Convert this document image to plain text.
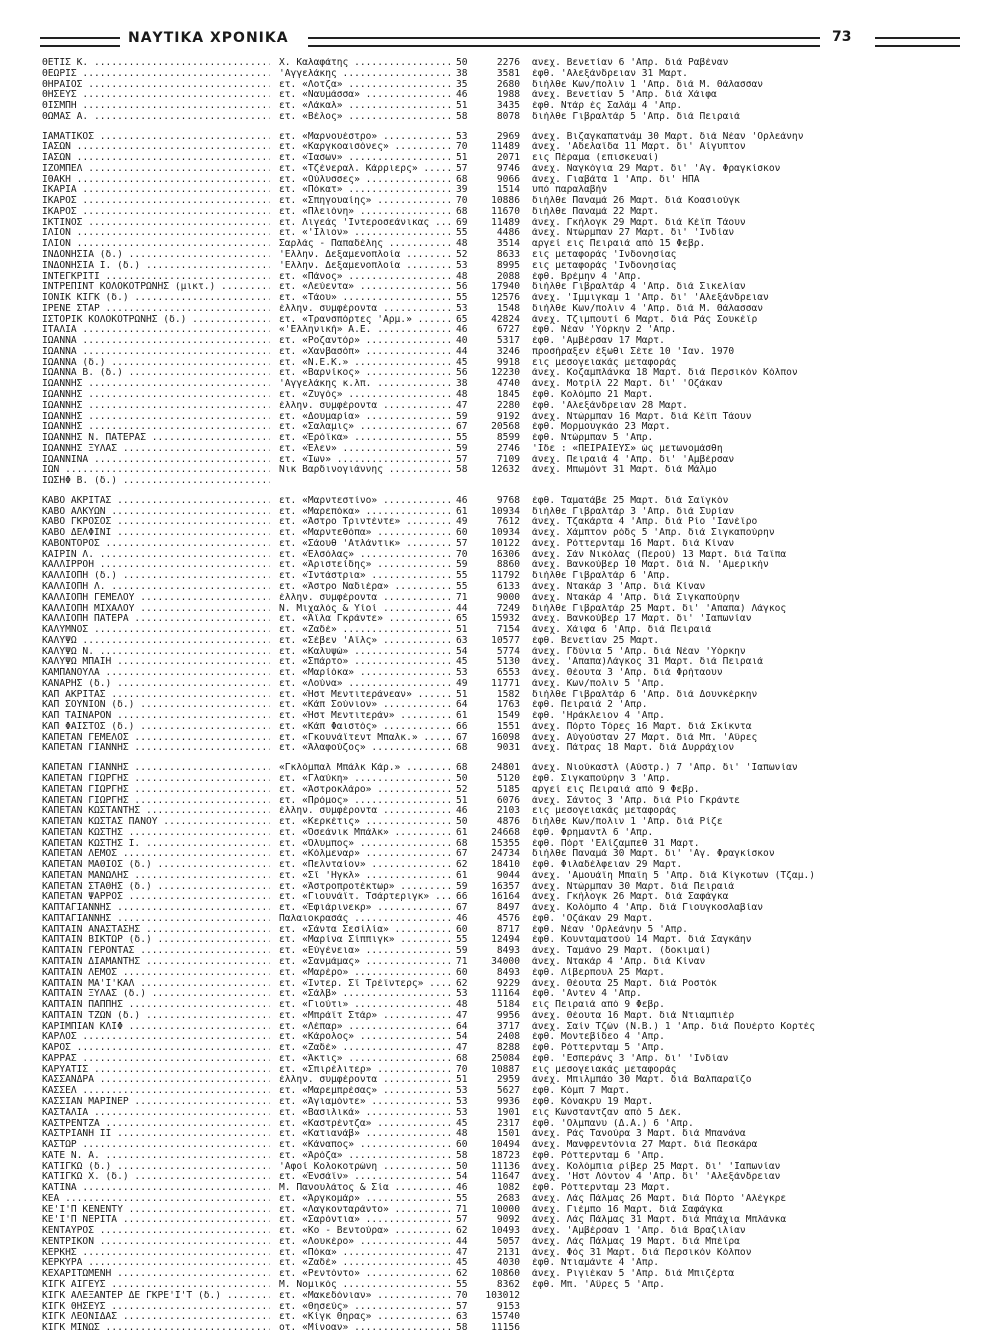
ΝΑΥΤΙΚΑ ΧΡΟΝΙΚΑ	73
ΘΕΤΙΣ Κ. .....	Χ. Καλαφάτης .....	50	2276 ανεχ. Βενετίαν 6 'Απρ. διά Ραβέναν
ΘΕΩΡΙΣ .....	'Αγγελάκης .....	38	3581 έφθ. 'Αλεξάνδρειαν 31 Μαρτ.
ΘΗΡΑΙΟΣ .....	ετ. «Λοτζα» .....	35	2680 διήλθε Κων/πολιν 1 'Απρ. διά Μ. Θάλασσαν
ΘΗΣΕΥΣ .....	ετ. «Ναυμάσσα» .....	46	1988 άνεχ. Βενετίαν 5 'Απρ. διά Χάιφα
ΘΙΣΜΠΗ .....	ετ. «Λάκαλ» .....	51	3435 έφθ. Ντάρ ές Σαλάμ 4 'Απρ.
ΘΩΜΑΣ Α. .....	ετ. «Βέλος» .....	58	8078 διήλθε Γιβραλτάρ 5 'Απρ. διά Πειραιά
ΙΑΜΑΤΙΚΟΣ .....	ετ. «Μαρνουέστρο» .....	53	2969 άνεχ. Βιζαγκαπατνάμ 30 Μαρτ. διά Νέαν 'Ορλεάνην
ΙΑΣΩΝ .....	ετ. «Καργκοαισόνες» .....	70	11489 άνεχ. 'Αδελαΐδα 11 Μαρτ. δι' Αίγυπτον
ΙΑΣΩΝ .....	ετ. «Ίασων» .....	51	2071 εις Πέραμα (επισκευαί)
ΙΖΟΜΠΕΛ .....	ετ. «Τζένεραλ. Κάρριερς» .....	57	9746 άνεχ. Ναγκόγια 29 Μαρτ. δι' 'Αγ. Φραγκίσκον
ΙΘΑΚΗ .....	ετ. «Ούλυσσες» .....	68	9066 άνεχ. Γιαβάτα 1 'Απρ. δι' ΗΠΑ
ΙΚΑΡΙΑ .....	ετ. «Πόκατ» .....	39	1514 υπό παραλαβήν
ΙΚΑΡΟΣ .....	ετ. «Σπηγουαίης» .....	70	10886 διήλθε Παναμά 26 Μαρτ. διά Κοασιούγκ
ΙΚΑΡΟΣ .....	ετ. «Πλειόνη» .....	68	11670 διήλθε Παναμά 22 Μαρτ.
ΙΚΤΙΝΟΣ .....	ετ. Λιγεάς 'Ιντεροσεάνικας .....	69	11489 άνεχ. Γκήλογκ 29 Μαρτ. διά Κέϊπ Τάουν
ΙΛΙΟΝ .....	ετ. «'Ιλιον» .....	55	4486 άνεχ. Ντώρμπαν 27 Μαρτ. δι' 'Ινδίαν
ΙΛΙΟΝ .....	Σαρλάς - Παπαδέλης .....	48	3514 αργεί εις Πειραιά από 15 Φεβρ.
ΙΝΔΟΝΗΣΙΑ (δ.) .....	'Ελλην. Δεξαμενοπλοία .....	52	8633 εις μεταφοράς 'Ινδονησίας
ΙΝΔΟΝΗΣΙΑ Ι. (δ.) .....	'Ελλην. Δεξαμενοπλοία .....	53	8995 εις μεταφοράς 'Ινδονησίας
ΙΝΤΕΓΚΡΙΤΙ .....	ετ. «Πάνος» .....	48	2088 έφθ. Βρέμην 4 'Απρ.
ΙΝΤΡΕΠΙΝΤ ΚΟΛΟΚΟΤΡΩΝΗΣ (μικτ.) .....	ετ. «Λεύεντα» .....	56	17940 διήλθε Γιβραλτάρ 4 'Απρ. διά Σικελίαν
ΙΟΝΙΚ ΚΙΓΚ (δ.) .....	ετ. «Τάου» .....	55	12576 άνεχ. 'Ιμμιγκαμ 1 'Απρ. δι' 'Αλεξάνδρειαν
ΙΡΕΝΕ ΣΤΑΡ .....	έλλην. συμφέροντα .....	53	1548 διήλθε Κων/πολιν 4 'Απρ. διά Μ. Θάλασσαν
ΙΣΤΟΡΙΚ ΚΟΛΟΚΟΤΡΩΝΗΣ (δ.) .....	ετ. «Τρανσπόρτες 'Αρμ.» .....	65	42824 άνεχ. Τζιμπουτί 6 Μαρτ. διά Ράς Σουκέϊρ
ΙΤΑΛΙΑ .....	«'Ελληνική» Α.Ε. .....	46	6727 έφθ. Νέαν 'Υόρκην 2 'Απρ.
ΙΩΑΝΝΑ .....	ετ. «Ροζαντόρ» .....	40	5317 έφθ. 'Αμβέρσαν 17 Μαρτ.
ΙΩΑΝΝΑ .....	ετ. «Χανβασόπ» .....	44	3246 προσήραξεν έξωθι Σέτε 10 'Ιαν. 1970
ΙΩΑΝΝΑ (δ.) .....	ετ. «Ν.Ε.Κ.» .....	45	9918 εις μεσογειακάς μεταφοράς
ΙΩΑΝΝΑ Β. (δ.) .....	ετ. «Βαρνίκος» .....	56	12230 άνεχ. Κοζαμπλάνκα 18 Μαρτ. διά Περσικόν Κόλπον
ΙΩΑΝΝΗΣ .....	'Αγγελάκης κ.λπ. .....	38	4740 άνεχ. Μοτρίλ 22 Μαρτ. δι' 'Οζάκαν
ΙΩΑΝΝΗΣ .....	ετ. «Ζυγός» .....	48	1845 έφθ. Κολόμπο 21 Μαρτ.
ΙΩΑΝΝΗΣ .....	έλλην. συμφέροντα .....	47	2280 έφθ. 'Αλεξάνδρειαν 28 Μαρτ.
ΙΩΑΝΝΗΣ .....	ετ. «Δουμαρία» .....	59	9192 άνεχ. Ντώρμπαν 16 Μαρτ. διά Κέϊπ Τάουν
ΙΩΑΝΝΗΣ .....	ετ. «Σαλαμις» .....	67	20568 έφθ. Μορμουγκάο 23 Μαρτ.
ΙΩΑΝΝΗΣ Ν. ΠΑΤΕΡΑΣ .....	ετ. «Έρόϊκα» .....	55	8599 έφθ. Ντώρμπαν 5 'Απρ.
ΙΩΑΝΝΗΣ ΞΥΛΑΣ .....	ετ. «Έλεν» .....	59	2746 'Ιδε : «ΠΕΙΡΑΙΕΥΣ» ώς μετωνομάσθη
ΙΩΑΝΝΙΝΑ .....	ετ. «Ίων» .....	57	7109 άνεχ. Πειραιά 4 'Απρ. δι' 'Αμβέρσαν
ΙΩΝ .....	Νικ Βαρδινογιάννης .....	58	12632 άνεχ. Μπωμόντ 31 Μαρτ. διά Μάλμο
ΙΩΣΗΦ Β. (δ.) .....
ΚΑΒΟ ΑΚΡΙΤΑΣ .....	ετ. «Μαρντεστίνο» .....	46	9768 έφθ. Ταματάβε 25 Μαρτ. διά Σαϊγκόν
ΚΑΒΟ ΑΛΚΥΩΝ .....	ετ. «Μαρεπόκα» .....	61	10934 διήλθε Γιβραλτάρ 3 'Απρ. διά Συρίαν
ΚΑΒΟ ΓΚΡΟΣΟΣ .....	ετ. «Άστρο Τριντέντε» .....	49	7612 άνεχ. Τζακάρτα 4 'Απρ. διά Ρίο 'Ιανέϊρο
ΚΑΒΟ ΔΕΛΦΙΝΙ .....	ετ. «Μαρντεθόπα» .....	60	10934 άνεχ. Χάμπτον ρόδς 5 'Απρ. διά Σιγκαπούρην
ΚΑΒΟΝΤΟΡΟΣ .....	ετ. «Σάουθ 'Ατλάντικ» .....	57	10122 άνεχ. Ρόττερνταμ 16 Μαρτ. διά Κίναν
ΚΑΙΡΙΝ Λ. .....	ετ. «Έλσόλας» .....	70	16306 άνεχ. Σάν Νικόλας (Περού) 13 Μαρτ. διά Ταϊπα
ΚΑΛΛΙΡΡΟΗ .....	ετ. «Άριστείδης» .....	59	8860 άνεχ. Βανκούβερ 10 Μαρτ. διά Ν. 'Αμερικήν
ΚΑΛΛΙΟΠΗ (δ.) .....	ετ. «Ίντάστρια» .....	55	11792 διήλθε Γιβραλτάρ 6 'Απρ.
ΚΑΛΛΙΟΠΗ Λ. .....	ετ. «Άστρο Ναδιέρα» .....	55	6133 άνεχ. Ντακάρ 3 'Απρ. διά Κίναν
ΚΑΛΛΙΟΠΗ ΓΕΜΕΛΟΥ .....	έλλην. συμφέροντα .....	71	9000 άνεχ. Ντακάρ 4 'Απρ. διά Σιγκαπούρην
ΚΑΛΛΙΟΠΗ ΜΙΧΑΛΟΥ .....	Ν. Μιχαλός & Υίοί .....	44	7249 διήλθε Γιβραλτάρ 25 Μαρτ. δι' 'Απαπα) Λάγκος
ΚΑΛΛΙΟΠΗ ΠΑΤΕΡΑ .....	ετ. «Άϊλα Γκράντε» .....	65	15932 άνεχ. Βανκούβερ 17 Μαρτ. δι' 'Ιαπωνίαν
ΚΑΛΥΜΝΟΣ .....	ετ. «Ζαδέ» .....	51	7154 άνεχ. Χάιφα 6 'Απρ. διά Πειραιά
ΚΑΛΥΨΩ .....	ετ. «Σέβεν 'Αϊλς» .....	63	10577 έφθ. Βενετίαν 25 Μαρτ.
ΚΑΛΥΨΩ Ν. .....	ετ. «Καλυψώ» .....	54	5774 άνεχ. Γδύνια 5 'Απρ. διά Νέαν 'Υόρκην
ΚΑΛΥΨΩ ΜΠΑΙΗ .....	ετ. «Σπάρτο» .....	45	5130 άνεχ. 'Απαπα)Λάγκος 31 Μαρτ. διά Πειραιά
ΚΑΜΠΑΝΟΥΛΑ .....	ετ. «Μαρίόκα» .....	53	6553 άνεχ. Θέουτα 3 'Απρ. διά Φρήταουν
ΚΑΝΑΡΗΣ (δ.) .....	ετ. «Λούνα» .....	49	11771 άνεχ. Κων/πολιν 5 'Απρ.
ΚΑΠ ΑΚΡΙΤΑΣ .....	ετ. «Ήστ Μεντιτεράνεαν» .....	51	1582 διήλθε Γιβραλτάρ 6 'Απρ. διά Δουνκέρκην
ΚΑΠ ΣΟΥΝΙΟΝ (δ.) .....	ετ. «Κάπ Σούνιον» .....	64	1763 έφθ. Πειραιά 2 'Απρ.
ΚΑΠ ΤΑΙΝΑΡΟΝ .....	ετ. «Ήστ Μεντιτεράν» .....	61	1549 έφθ. 'Ηράκλειον 4 'Απρ.
ΚΑΠ ΦΑΙΣΤΟΣ (δ.) .....	ετ. «Κάπ Φαιστός» .....	66	1551 άνεχ. Πόρτο Τόρες 16 Μαρτ. διά Σκίκντα
ΚΑΠΕΤΑΝ ΓΕΜΕΛΟΣ .....	ετ. «Γκουνάϊτεντ Μπαλκ.» .....	67	16098 άνεχ. Αύγούσταν 27 Μαρτ. διά Μπ. 'Αϋρες
ΚΑΠΕΤΑΝ ΓΙΑΝΝΗΣ .....	ετ. «Άλαφούζος» .....	68	9031 άνεχ. Πάτρας 18 Μαρτ. διά Δυρράχιον
ΚΑΠΕΤΑΝ ΓΙΑΝΝΗΣ .....	«Γκλόμπαλ Μπάλκ Κάρ.» .....	68	24801 άνεχ. Νιούκαστλ (Αύστρ.) 7 'Απρ. δι' 'Ιαπωνίαν
ΚΑΠΕΤΑΝ ΓΙΩΡΓΗΣ .....	ετ. «Γλαύκη» .....	50	5120 έφθ. Σιγκαπούρην 3 'Απρ.
ΚΑΠΕΤΑΝ ΓΙΩΡΓΗΣ .....	ετ. «Άστροκλάρο» .....	52	5185 αργεί εις Πειραιά από 9 Φεβρ.
ΚΑΠΕΤΑΝ ΓΙΩΡΓΗΣ .....	ετ. «Πρόμος» .....	51	6076 άνεχ. Σάντος 3 'Απρ. διά Ρίο Γκράντε
ΚΑΠΕΤΑΝ ΚΩΣΤΑΝΤΗΣ .....	έλλην. συμφέροντα .....	46	2103 εις μεσογειακάς μεταφοράς
ΚΑΠΕΤΑΝ ΚΩΣΤΑΣ ΠΑΝΟΥ .....	ετ. «Κερκέτις» .....	50	4876 διήλθε Κων/πολιν 1 'Απρ. διά Ρίζε
ΚΑΠΕΤΑΝ ΚΩΣΤΗΣ .....	ετ. «Όσεάνικ Μπάλκ» .....	61	24668 έφθ. Φρημαντλ 6 'Απρ.
ΚΑΠΕΤΑΝ ΚΩΣΤΗΣ Ι. .....	ετ. «Όλυμπος» .....	68	15355 έφθ. Πόρτ 'Ελίζαμπεθ 31 Μαρτ.
ΚΑΠΕΤΑΝ ΛΕΜΟΣ .....	ετ. «Κόλμεναρ» .....	67	24734 διήλθε Παναμά 30 Μαρτ. δι' 'Αγ. Φραγκίσκον
ΚΑΠΕΤΑΝ ΜΑΘΙΟΣ (δ.) .....	ετ. «Πελνταίον» .....	62	18410 έφθ. Φιλαδέλφειαν 29 Μαρτ.
ΚΑΠΕΤΑΝ ΜΑΝΩΛΗΣ .....	ετ. «Σῖ 'Ηγκλ» .....	61	9044 άνεχ. 'Αμουάϊη Μπαϊη 5 'Απρ. διά Κίγκοτων (Τζαμ.)
ΚΑΠΕΤΑΝ ΣΤΑΘΗΣ (δ.) .....	ετ. «Άστροπροτέκτωρ» .....	59	16357 άνεχ. Ντώρμπαν 30 Μαρτ. διά Πειραιά
ΚΑΠΕΤΑΝ ΨΑΡΡΟΣ .....	ετ. «Γιουνάϊτ. Τσάρτεριγκ» .....	66	16164 άνεχ. Γκήλογκ 26 Μαρτ. διά Σαφάγκα
ΚΑΠΤΑΓΙΑΝΝΗΣ .....	ετ. «Έφιάρινεκρ» .....	67	8497 άνεχ. Κολόμπο 4 'Απρ. διά Γιουγκοσλαβίαν
ΚΑΠΤΑΓΙΑΝΝΗΣ .....	Παλαιοκρασάς .....	46	4576 έφθ. 'Οζάκαν 29 Μαρτ.
ΚΑΠΤΑΙΝ ΑΝΑΣΤΑΣΗΣ .....	ετ. «Σάντα Σεσίλία» .....	60	8717 έφθ. Νέαν 'Ορλεάνην 5 'Απρ.
ΚΑΠΤΑΙΝ ΒΙΚΤΩΡ (δ.) .....	ετ. «Μαρίνα Σίππιγκ» .....	55	12494 έφθ. Κουνταματσού 14 Μαρτ. διά Σαγκάην
ΚΑΠΤΑΙΝ ΓΕΡΟΝΤΑΣ .....	ετ. «Εύγένεια» .....	59	8493 άνεχ. Ταμάνο 29 Μαρτ. (δοκιμαί)
ΚΑΠΤΑΙΝ ΔΙΑΜΑΝΤΗΣ .....	ετ. «Σανμάμας» .....	71	34000 άνεχ. Ντακάρ 4 'Απρ. διά Κίναν
ΚΑΠΤΑΙΝ ΛΕΜΟΣ .....	ετ. «Μαρέρο» .....	60	8493 έφθ. Λίβερπουλ 25 Μαρτ.
ΚΑΠΤΑΙΝ ΜΑ'Ι'ΚΑΛ .....	ετ. «Ίντερ. Σῖ Τρέϊντερς» .....	62	9229 άνεχ. Θέουτα 25 Μαρτ. διά Ροστόκ
ΚΑΠΤΑΙΝ ΞΥΛΑΣ (δ.) .....	ετ. «Σάλβ» .....	53	11164 έφθ. 'Αντεν 4 'Απρ.
ΚΑΠΤΑΙΝ ΠΑΠΠΗΣ .....	ετ. «Γιούτι» .....	48	5184 εις Πειραιά από 9 Φεβρ.
ΚΑΠΤΑΙΝ ΤΖΩΝ (δ.) .....	ετ. «Μπράϊτ Στάρ» .....	47	9956 άνεχ. Θέουτα 16 Μαρτ. διά Ντιαμπιέρ
ΚΑΡΙΜΠΙΑΝ ΚΛΙΦ .....	ετ. «Λέπαρ» .....	64	3717 άνεχ. Σαίν Τζών (Ν.Β.) 1 'Απρ. διά Πουέρτο Κορτές
ΚΑΡΛΟΣ .....	ετ. «Κάρολος» .....	54	2408 έφθ. Μοντεβίδεο 4 'Απρ.
ΚΑΡΟΣ .....	ετ. «Ζαδέ» .....	47	8288 έφθ. Ρόττερνταμ 5 'Απρ.
ΚΑΡΡΑΣ .....	ετ. «Άκτις» .....	68	25084 έφθ. 'Εσπεράνς 3 'Απρ. δι' 'Ινδίαν
ΚΑΡΥΑΤΙΣ .....	ετ. «Σπιρέλιτερ» .....	70	10887 εις μεσογειακάς μεταφοράς
ΚΑΣΣΑΝΔΡΑ .....	έλλην. συμφέροντα .....	51	2959 άνεχ. Μπιλμπάο 30 Μαρτ. διά Βαλπαραΐζο
ΚΑΣΣΕΛ .....	ετ. «Μαρεμπρέσας» .....	53	5627 έφθ. Κόμπ 7 Μαρτ.
ΚΑΣΣΙΑΝ ΜΑΡΙΝΕΡ .....	ετ. «Άγιαμόντε» .....	53	9936 έφθ. Κόνακρυ 19 Μαρτ.
ΚΑΣΤΑΛΙΑ .....	ετ. «Βασιλικά» .....	53	1901 εις Κωνσταντζαν από 5 Δεκ.
ΚΑΣΤΡΕΝΤΖΑ .....	ετ. «Καστρέντζα» .....	45	2317 έφθ. 'Ολμπανυ (Δ.Α.) 6 'Απρ.
ΚΑΣΤΡΙΑΝΗ ΙΙ .....	ετ. «Κατιανάβ» .....	48	1501 άνεχ. Ράς Τανούρα 3 Μαρτ. διά Μπανάνα
ΚΑΣΤΩΡ .....	ετ. «Κάναπος» .....	60	10494 άνεχ. Μανφρεντόνια 27 Μαρτ. διά Πεσκάρα
ΚΑΤΕ Ν. Α. .....	ετ. «Άρόζα» .....	58	18723 έφθ. Ρόττερνταμ 6 'Απρ.
ΚΑΤΙΓΚΩ (δ.) .....	'Αφοί Κολοκοτρώνη .....	50	11136 άνεχ. Κολόμπια ρίβερ 25 Μαρτ. δι' 'Ιαπωνίαν
ΚΑΤΙΓΚΩ Χ. (δ.) .....	ετ. «Ένσάϊν» .....	54	11647 άνεχ. 'Ηστ Λόντον 4 'Απρ. δι' 'Αλεξάνδρειαν
ΚΑΤΙΝΑ .....	Μ. Πανουλάτος & Σία .....	46	1082 έφθ. Ρόττερνταμ 23 Μαρτ.
ΚΕΑ .....	ετ. «Άργκομάρ» .....	55	2683 άνεχ. Λάς Πάλμας 26 Μαρτ. διά Πόρτο 'Αλέγκρε
ΚΕ'Ι'Π ΚΕΝΕΝΤΥ .....	ετ. «Λαγκονταράντο» .....	71	10000 άνεχ. Γιέμπο 16 Μαρτ. διά Σαφάγκα
ΚΕ'Ι'Π ΝΕΡΙΤΑ .....	ετ. «Σαρόντια» .....	57	9092 άνεχ. Λάς Πάλμας 31 Μαρτ. διά Μπάχια Μπλάνκα
ΚΕΝΤΑΥΡΟΣ .....	ετ. «Κο - Βεντούρα» .....	62	10493 άνεχ. 'Αμβέρσαν 1 'Απρ. διά Βραζιλίαν
ΚΕΝΤΡΙΚΟΝ .....	ετ. «Λουκέρο» .....	44	5057 άνεχ. Λάς Πάλμας 19 Μαρτ. διά Μπέϊρα
ΚΕΡΚΗΣ .....	ετ. «Πόκα» .....	47	2131 άνεχ. Φός 31 Μαρτ. διά Περσικόν Κόλπον
ΚΕΡΚΥΡΑ .....	ετ. «Ζαδέ» .....	45	4030 έφθ. Ντιαμάντε 4 'Απρ.
ΚΕΧΑΡΙΤΩΜΕΝΗ .....	ετ. «Ρεντόντο» .....	62	10860 άνεχ. Ριγιέκαν 5 'Απρ. διά Μπιζέρτα
ΚΙΓΚ ΑΙΓΕΥΣ .....	Μ. Νομικός .....	55	8362 έφθ. Μπ. 'Αϋρες 5 'Απρ.
ΚΙΓΚ ΑΛΕΞΑΝΤΕΡ ΔΕ ΓΚΡΕ'Ι'Τ (δ.) .....	ετ. «Μακεδόνιαν» .....	70	103012
ΚΙΓΚ ΘΗΣΕΥΣ .....	ετ. «Θησεύς» .....	57	9153
ΚΙΓΚ ΛΕΟΝΙΔΑΣ .....	ετ. «Κίγκ Θηρας» .....	63	15740
ΚΙΓΚ ΜΙΝΩΣ .....	οτ. «Μίνοαν» .....	58	11156
